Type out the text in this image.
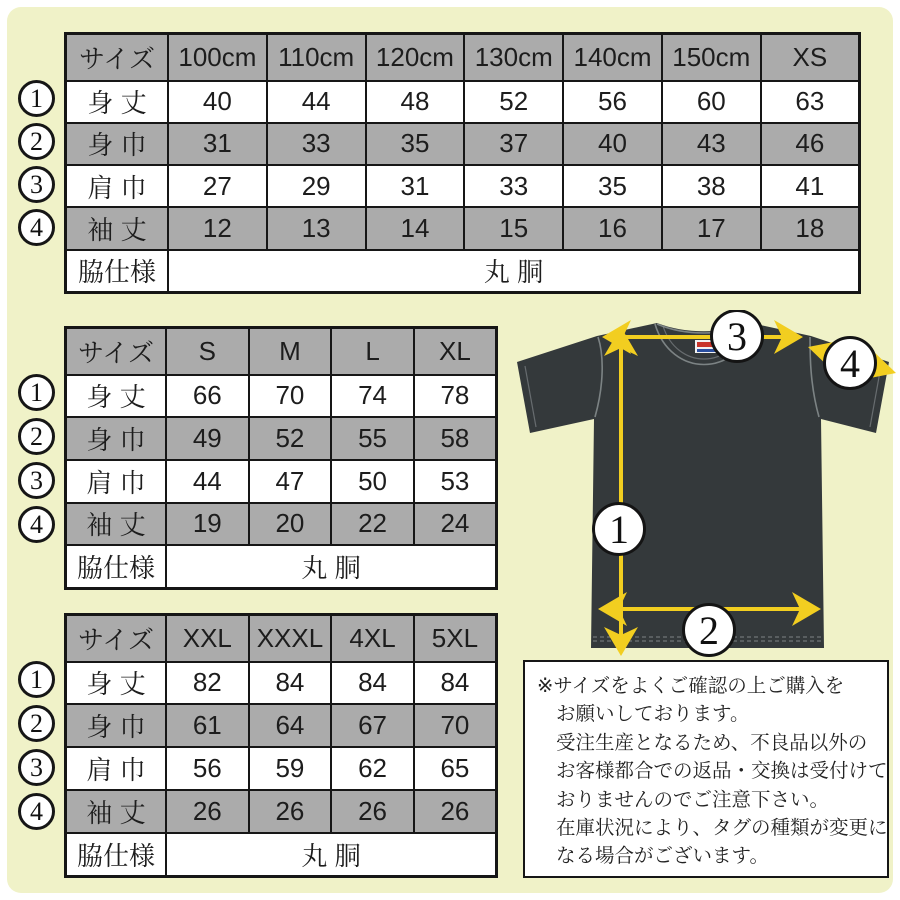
1
2
3
4
1
2
3
4
1
2
3
4
サイズ	100cm	110cm	120cm	130cm	140cm	150cm	XS
身 丈	40	44	48	52	56	60	63
身 巾	31	33	35	37	40	43	46
肩 巾	27	29	31	33	35	38	41
袖 丈	12	13	14	15	16	17	18
脇仕様	丸 胴						
サイズ	S	M	L	XL
身 丈	66	70	74	78
身 巾	49	52	55	58
肩 巾	44	47	50	53
袖 丈	19	20	22	24
脇仕様	丸 胴			
サイズ	XXL	XXXL	4XL	5XL
身 丈	82	84	84	84
身 巾	61	64	67	70
肩 巾	56	59	62	65
袖 丈	26	26	26	26
脇仕様	丸 胴			
1
2
3
4
※サイズをよくご確認の上ご購入を
お願いしております。
受注生産となるため、不良品以外の
お客様都合での返品・交換は受付けて
おりませんのでご注意下さい。
在庫状況により、タグの種類が変更に
なる場合がございます。
